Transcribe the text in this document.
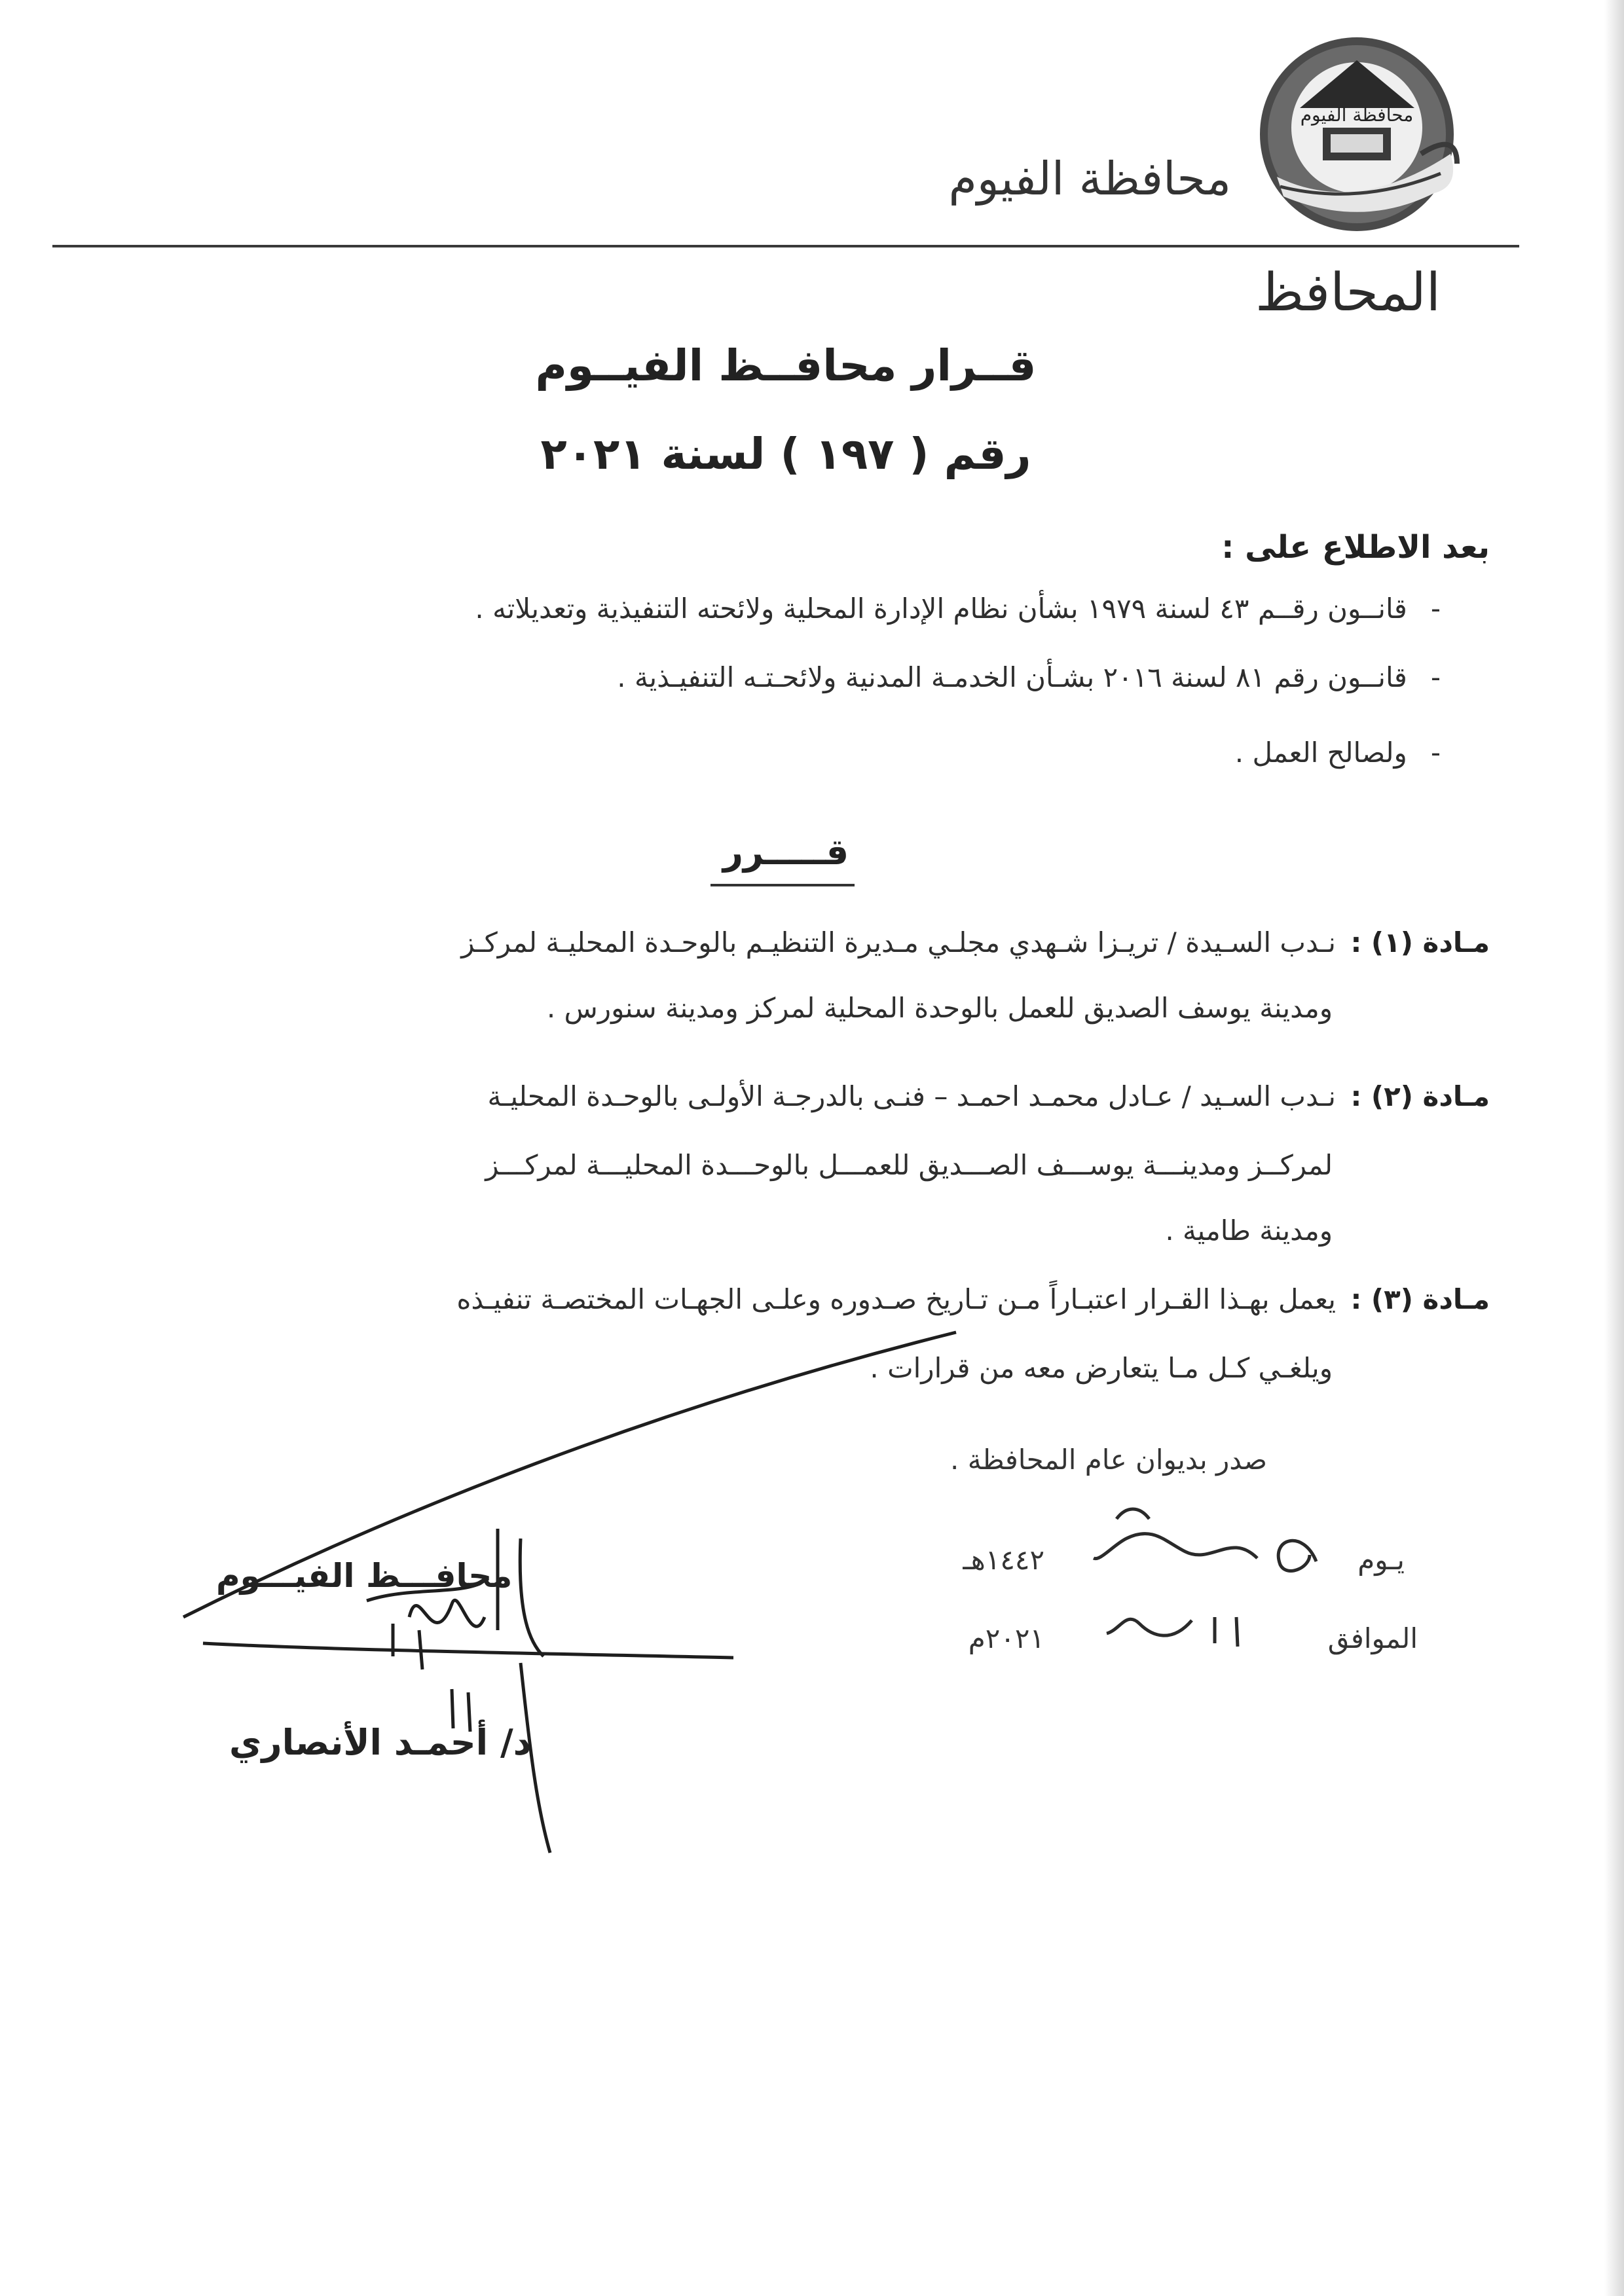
محافظة الفيوم
محافظة الفيوم
المحافظ
قــرار محافــظ الفيــوم
رقم ( ١٩٧ ) لسنة ٢٠٢١
بعد الاطلاع على :
-قانــون رقــم ٤٣ لسنة ١٩٧٩ بشأن نظام الإدارة المحلية ولائحته التنفيذية وتعديلاته .
-قانــون رقم ٨١ لسنة ٢٠١٦ بشـأن الخدمـة المدنية ولائحـتـه التنفيـذية .
-ولصالح العمل .
قـــــرر
مـادة (١) :
نـدب السـيدة / تريـزا شـهدي مجلـي مـديرة التنظيـم بالوحـدة المحليـة لمركـز
ومدينة يوسف الصديق للعمل بالوحدة المحلية لمركز ومدينة سنورس .
مـادة (٢) :
نـدب السـيد / عـادل محمـد احمـد – فنـى بالدرجـة الأولـى بالوحـدة المحليـة
لمركــز ومدينـــة يوســـف الصـــديق للعمـــل بالوحـــدة المحليـــة لمركـــز
ومدينة طامية .
مـادة (٣) :
يعمل بهـذا القـرار اعتبـاراً مـن تـاريخ صـدوره وعلـى الجهـات المختصـة تنفيـذه
ويلغـي كـل مـا يتعارض معه من قرارات .
صدر بديوان عام المحافظة .
يـوم
١٤٤٢هـ
الموافق
٢٠٢١م
محافـــظ الفيـــوم
د/ أحمـد الأنصاري
